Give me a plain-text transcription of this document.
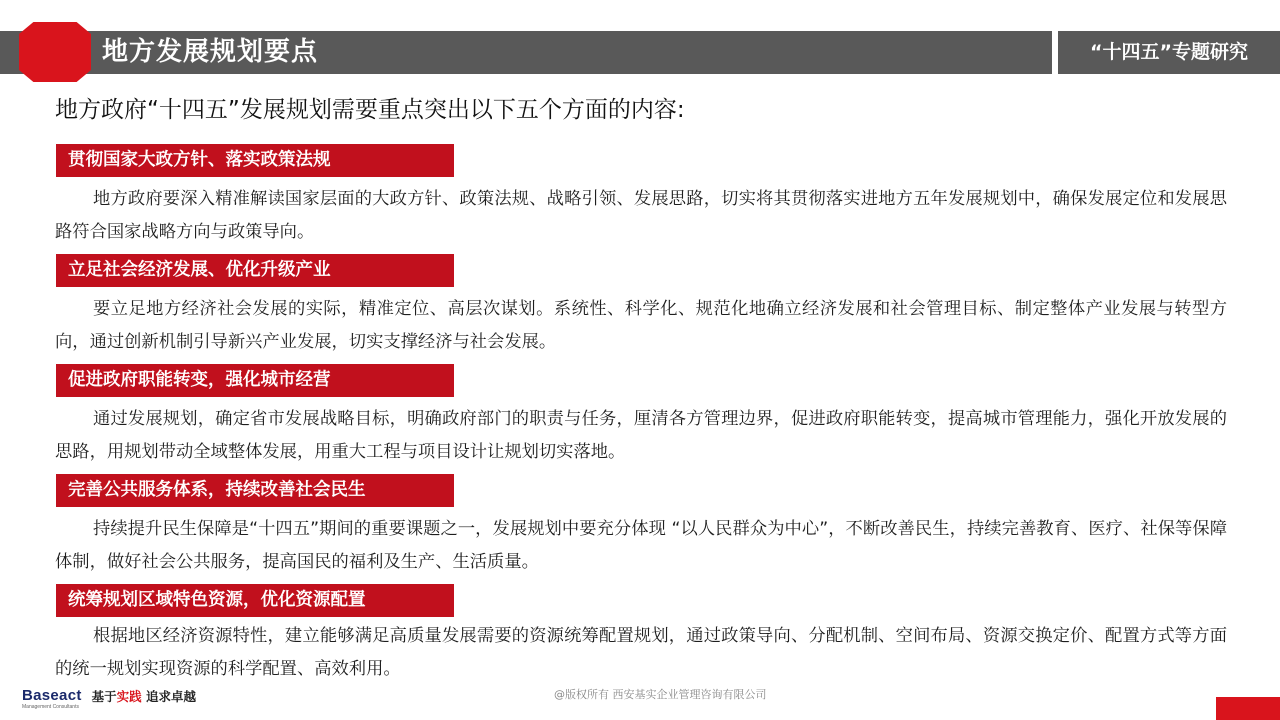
地方发展规划要点	“十四五”专题研究
地方政府“十四五”发展规划需要重点突出以下五个方面的内容:
贯彻国家大政方针、落实政策法规
地方政府要深入精准解读国家层面的大政方针、政策法规、战略引领、发展思路，切实将其贯彻落实进地方五年发展规划中，确保发展定位和发展思路符合国家战略方向与政策导向。
立足社会经济发展、优化升级产业
要立足地方经济社会发展的实际，精准定位、高层次谋划。系统性、科学化、规范化地确立经济发展和社会管理目标、制定整体产业发展与转型方向，通过创新机制引导新兴产业发展，切实支撑经济与社会发展。
促进政府职能转变，强化城市经营
通过发展规划，确定省市发展战略目标，明确政府部门的职责与任务，厘清各方管理边界，促进政府职能转变，提高城市管理能力，强化开放发展的思路，用规划带动全域整体发展，用重大工程与项目设计让规划切实落地。
完善公共服务体系，持续改善社会民生
持续提升民生保障是“十四五”期间的重要课题之一，发展规划中要充分体现 “以人民群众为中心”，不断改善民生，持续完善教育、医疗、社保等保障体制，做好社会公共服务，提高国民的福利及生产、生活质量。
统筹规划区域特色资源，优化资源配置
根据地区经济资源特性，建立能够满足高质量发展需要的资源统筹配置规划，通过政策导向、分配机制、空间布局、资源交换定价、配置方式等方面的统一规划实现资源的科学配置、高效利用。
Baseact
Management Consultants
基于实践 追求卓越	@版权所有 西安基实企业管理咨询有限公司
